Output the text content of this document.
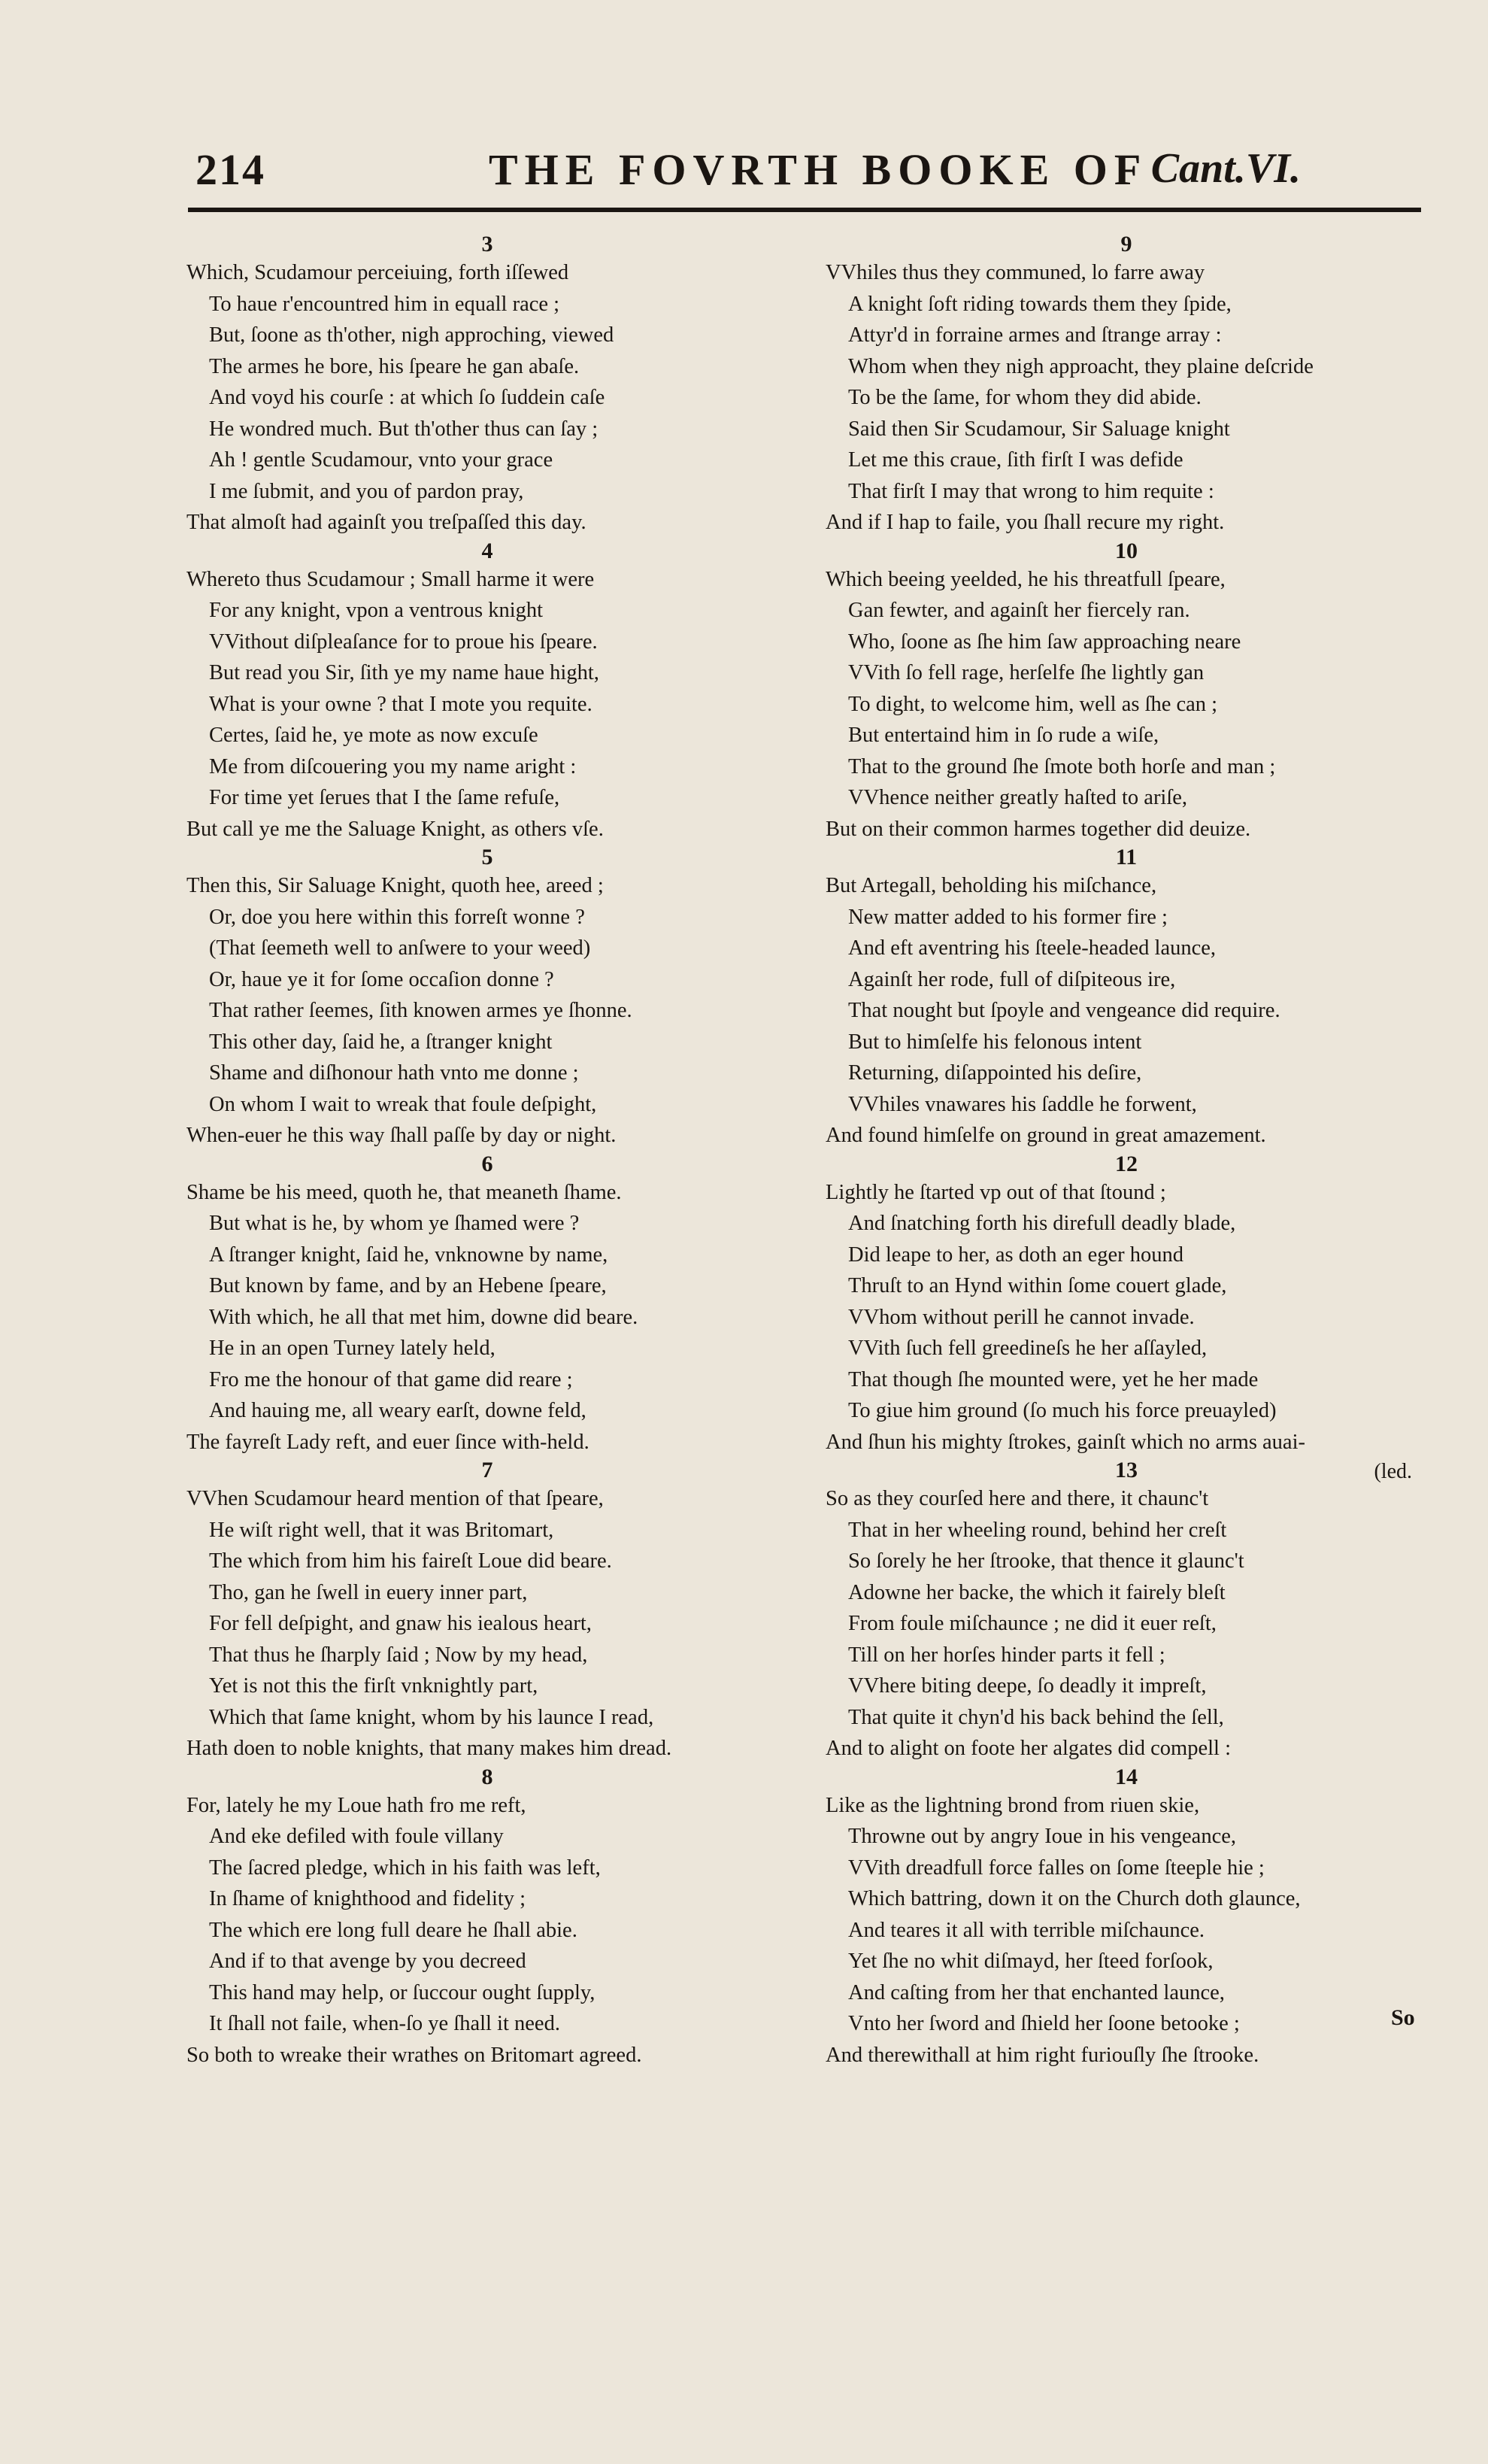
214	THE FOVRTH BOOKE OF Cant.VI.
3
Which, Scudamour perceiuing, forth iſſewed
To haue r'encountred him in equall race ;
But, ſoone as th'other, nigh approching, viewed
The armes he bore, his ſpeare he gan abaſe.
And voyd his courſe : at which ſo ſuddein caſe
He wondred much. But th'other thus can ſay ;
Ah ! gentle Scudamour, vnto your grace
I me ſubmit, and you of pardon pray,
That almoſt had againſt you treſpaſſed this day.
4
Whereto thus Scudamour ; Small harme it were
For any knight, vpon a ventrous knight
VVithout diſpleaſance for to proue his ſpeare.
But read you Sir, ſith ye my name haue hight,
What is your owne ? that I mote you requite.
Certes, ſaid he, ye mote as now excuſe
Me from diſcouering you my name aright :
For time yet ſerues that I the ſame refuſe,
But call ye me the Saluage Knight, as others vſe.
5
Then this, Sir Saluage Knight, quoth hee, areed ;
Or, doe you here within this forreſt wonne ?
(That ſeemeth well to anſwere to your weed)
Or, haue ye it for ſome occaſion donne ?
That rather ſeemes, ſith knowen armes ye ſhonne.
This other day, ſaid he, a ſtranger knight
Shame and diſhonour hath vnto me donne ;
On whom I wait to wreak that foule deſpight,
When-euer he this way ſhall paſſe by day or night.
6
Shame be his meed, quoth he, that meaneth ſhame.
But what is he, by whom ye ſhamed were ?
A ſtranger knight, ſaid he, vnknowne by name,
But known by fame, and by an Hebene ſpeare,
With which, he all that met him, downe did beare.
He in an open Turney lately held,
Fro me the honour of that game did reare ;
And hauing me, all weary earſt, downe feld,
The fayreſt Lady reft, and euer ſince with-held.
7
VVhen Scudamour heard mention of that ſpeare,
He wiſt right well, that it was Britomart,
The which from him his faireſt Loue did beare.
Tho, gan he ſwell in euery inner part,
For fell deſpight, and gnaw his iealous heart,
That thus he ſharply ſaid ; Now by my head,
Yet is not this the firſt vnknightly part,
Which that ſame knight, whom by his launce I read,
Hath doen to noble knights, that many makes him dread.
8
For, lately he my Loue hath fro me reft,
And eke defiled with foule villany
The ſacred pledge, which in his faith was left,
In ſhame of knighthood and fidelity ;
The which ere long full deare he ſhall abie.
And if to that avenge by you decreed
This hand may help, or ſuccour ought ſupply,
It ſhall not faile, when-ſo ye ſhall it need.
So both to wreake their wrathes on Britomart agreed.
9
VVhiles thus they communed, lo farre away
A knight ſoft riding towards them they ſpide,
Attyr'd in forraine armes and ſtrange array :
Whom when they nigh approacht, they plaine deſcride
To be the ſame, for whom they did abide.
Said then Sir Scudamour, Sir Saluage knight
Let me this craue, ſith firſt I was defide
That firſt I may that wrong to him requite :
And if I hap to faile, you ſhall recure my right.
10
Which beeing yeelded, he his threatfull ſpeare,
Gan fewter, and againſt her fiercely ran.
Who, ſoone as ſhe him ſaw approaching neare
VVith ſo fell rage, herſelfe ſhe lightly gan
To dight, to welcome him, well as ſhe can ;
But entertaind him in ſo rude a wiſe,
That to the ground ſhe ſmote both horſe and man ;
VVhence neither greatly haſted to ariſe,
But on their common harmes together did deuize.
11
But Artegall, beholding his miſchance,
New matter added to his former fire ;
And eft aventring his ſteele-headed launce,
Againſt her rode, full of diſpiteous ire,
That nought but ſpoyle and vengeance did require.
But to himſelfe his felonous intent
Returning, diſappointed his deſire,
VVhiles vnawares his ſaddle he forwent,
And found himſelfe on ground in great amazement.
12
Lightly he ſtarted vp out of that ſtound ;
And ſnatching forth his direfull deadly blade,
Did leape to her, as doth an eger hound
Thruſt to an Hynd within ſome couert glade,
VVhom without perill he cannot invade.
VVith ſuch fell greedineſs he her aſſayled,
That though ſhe mounted were, yet he her made
To giue him ground (ſo much his force preuayled)
And ſhun his mighty ſtrokes, gainſt which no arms auai-
13	(led.
So as they courſed here and there, it chaunc't
That in her wheeling round, behind her creſt
So ſorely he her ſtrooke, that thence it glaunc't
Adowne her backe, the which it fairely bleſt
From foule miſchaunce ; ne did it euer reſt,
Till on her horſes hinder parts it fell ;
VVhere biting deepe, ſo deadly it impreſt,
That quite it chyn'd his back behind the ſell,
And to alight on foote her algates did compell :
14
Like as the lightning brond from riuen skie,
Throwne out by angry Ioue in his vengeance,
VVith dreadfull force falles on ſome ſteeple hie ;
Which battring, down it on the Church doth glaunce,
And teares it all with terrible miſchaunce.
Yet ſhe no whit diſmayd, her ſteed forſook,
And caſting from her that enchanted launce,
Vnto her ſword and ſhield her ſoone betooke ;
And therewithall at him right furiouſly ſhe ſtrooke.
So
